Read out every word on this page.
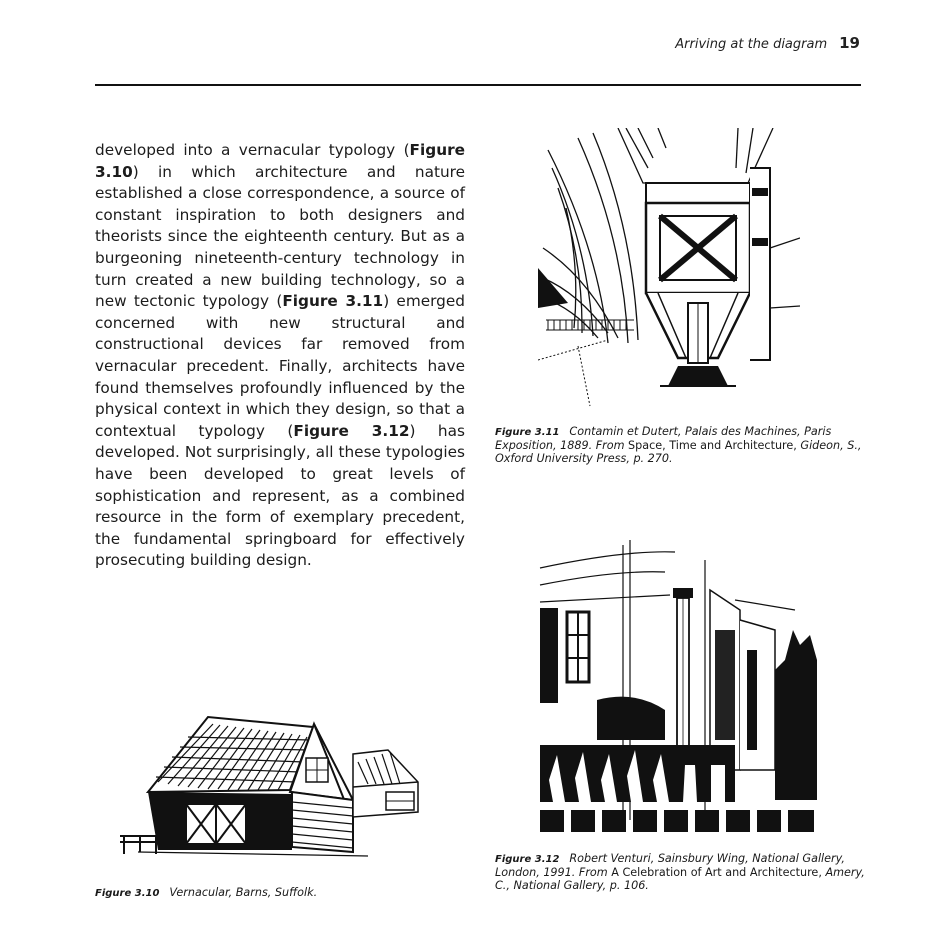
Arriving at the diagram 19
developed into a vernacular typology (Figure 3.10) in which architecture and nature established a close correspondence, a source of constant inspiration to both designers and theorists since the eighteenth century. But as a burgeoning nineteenth-century technology in turn created a new building technology, so a new tectonic typology (Figure 3.11) emerged concerned with new structural and constructional devices far removed from vernacular precedent. Finally, architects have found themselves profoundly influenced by the physical context in which they design, so that a contextual typology (Figure 3.12) has developed. Not surprisingly, all these typologies have been developed to great levels of sophistication and represent, as a combined resource in the form of exemplary precedent, the fundamental springboard for effectively prosecuting building design.
Figure 3.11 Contamin et Dutert, Palais des Machines, Paris Exposition, 1889. From Space, Time and Architecture, Gideon, S., Oxford University Press, p. 270.
Figure 3.12 Robert Venturi, Sainsbury Wing, National Gallery, London, 1991. From A Celebration of Art and Architecture, Amery, C., National Gallery, p. 106.
Figure 3.10 Vernacular, Barns, Suffolk.
